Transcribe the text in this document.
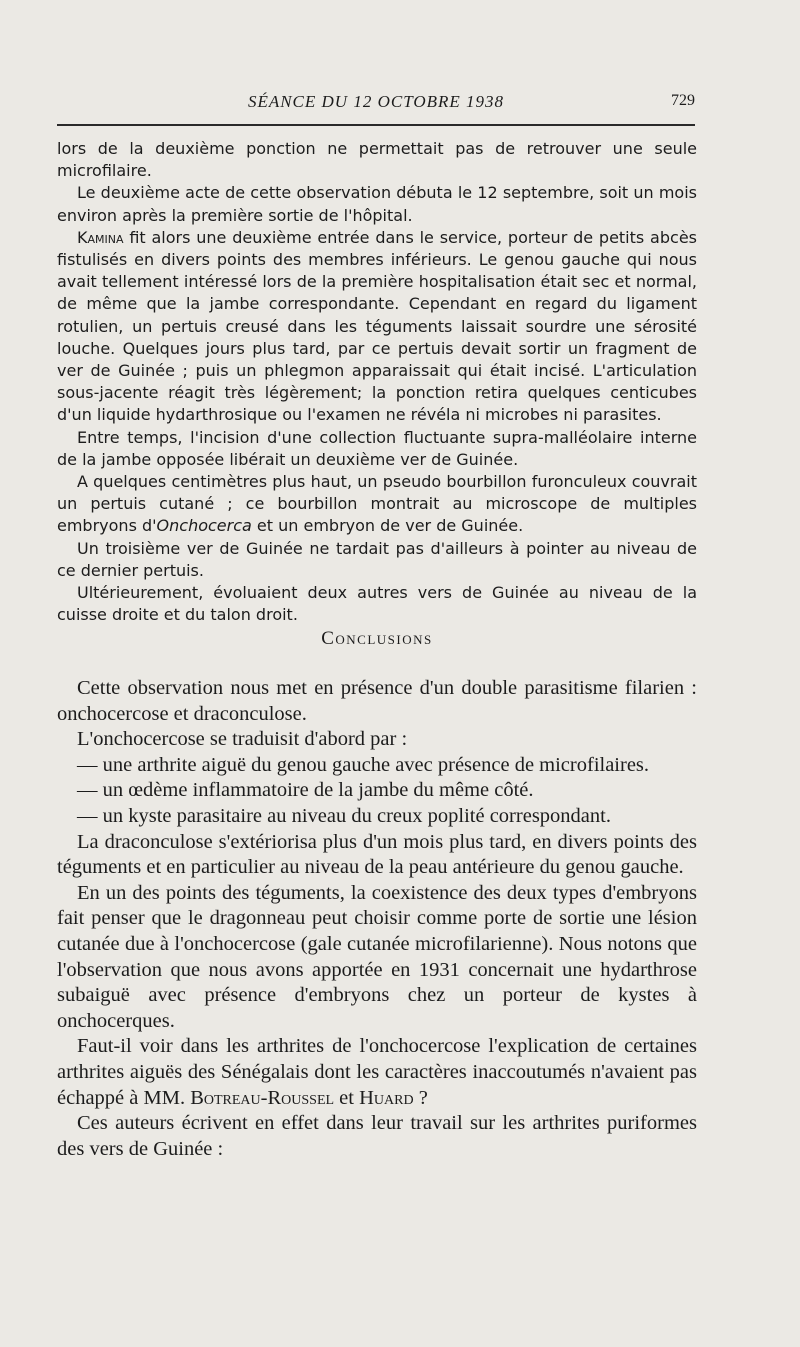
SÉANCE DU 12 OCTOBRE 1938	729

lors de la deuxième ponction ne permettait pas de retrouver une seule microfilaire.

Le deuxième acte de cette observation débuta le 12 septembre, soit un mois environ après la première sortie de l'hôpital.

Kamina fit alors une deuxième entrée dans le service, porteur de petits abcès fistulisés en divers points des membres inférieurs. Le genou gauche qui nous avait tellement intéressé lors de la première hospitalisation était sec et normal, de même que la jambe correspondante. Cependant en regard du ligament rotulien, un pertuis creusé dans les téguments laissait sourdre une sérosité louche. Quelques jours plus tard, par ce pertuis devait sortir un fragment de ver de Guinée ; puis un phlegmon apparaissait qui était incisé. L'articulation sous-jacente réagit très légèrement; la ponction retira quelques centicubes d'un liquide hydarthrosique ou l'examen ne révéla ni microbes ni parasites.

Entre temps, l'incision d'une collection fluctuante supra-malléolaire interne de la jambe opposée libérait un deuxième ver de Guinée.

A quelques centimètres plus haut, un pseudo bourbillon furonculeux couvrait un pertuis cutané ; ce bourbillon montrait au microscope de multiples embryons d'Onchocerca et un embryon de ver de Guinée.

Un troisième ver de Guinée ne tardait pas d'ailleurs à pointer au niveau de ce dernier pertuis.

Ultérieurement, évoluaient deux autres vers de Guinée au niveau de la cuisse droite et du talon droit.

Conclusions

Cette observation nous met en présence d'un double parasitisme filarien : onchocercose et draconculose.

L'onchocercose se traduisit d'abord par :

— une arthrite aiguë du genou gauche avec présence de microfilaires.

— un œdème inflammatoire de la jambe du même côté.

— un kyste parasitaire au niveau du creux poplité correspondant.

La draconculose s'extériorisa plus d'un mois plus tard, en divers points des téguments et en particulier au niveau de la peau antérieure du genou gauche.

En un des points des téguments, la coexistence des deux types d'embryons fait penser que le dragonneau peut choisir comme porte de sortie une lésion cutanée due à l'onchocercose (gale cutanée microfilarienne). Nous notons que l'observation que nous avons apportée en 1931 concernait une hydarthrose subaiguë avec présence d'embryons chez un porteur de kystes à onchocerques.

Faut-il voir dans les arthrites de l'onchocercose l'explication de certaines arthrites aiguës des Sénégalais dont les caractères inaccoutumés n'avaient pas échappé à MM. Botreau-Roussel et Huard ?

Ces auteurs écrivent en effet dans leur travail sur les arthrites puriformes des vers de Guinée :
